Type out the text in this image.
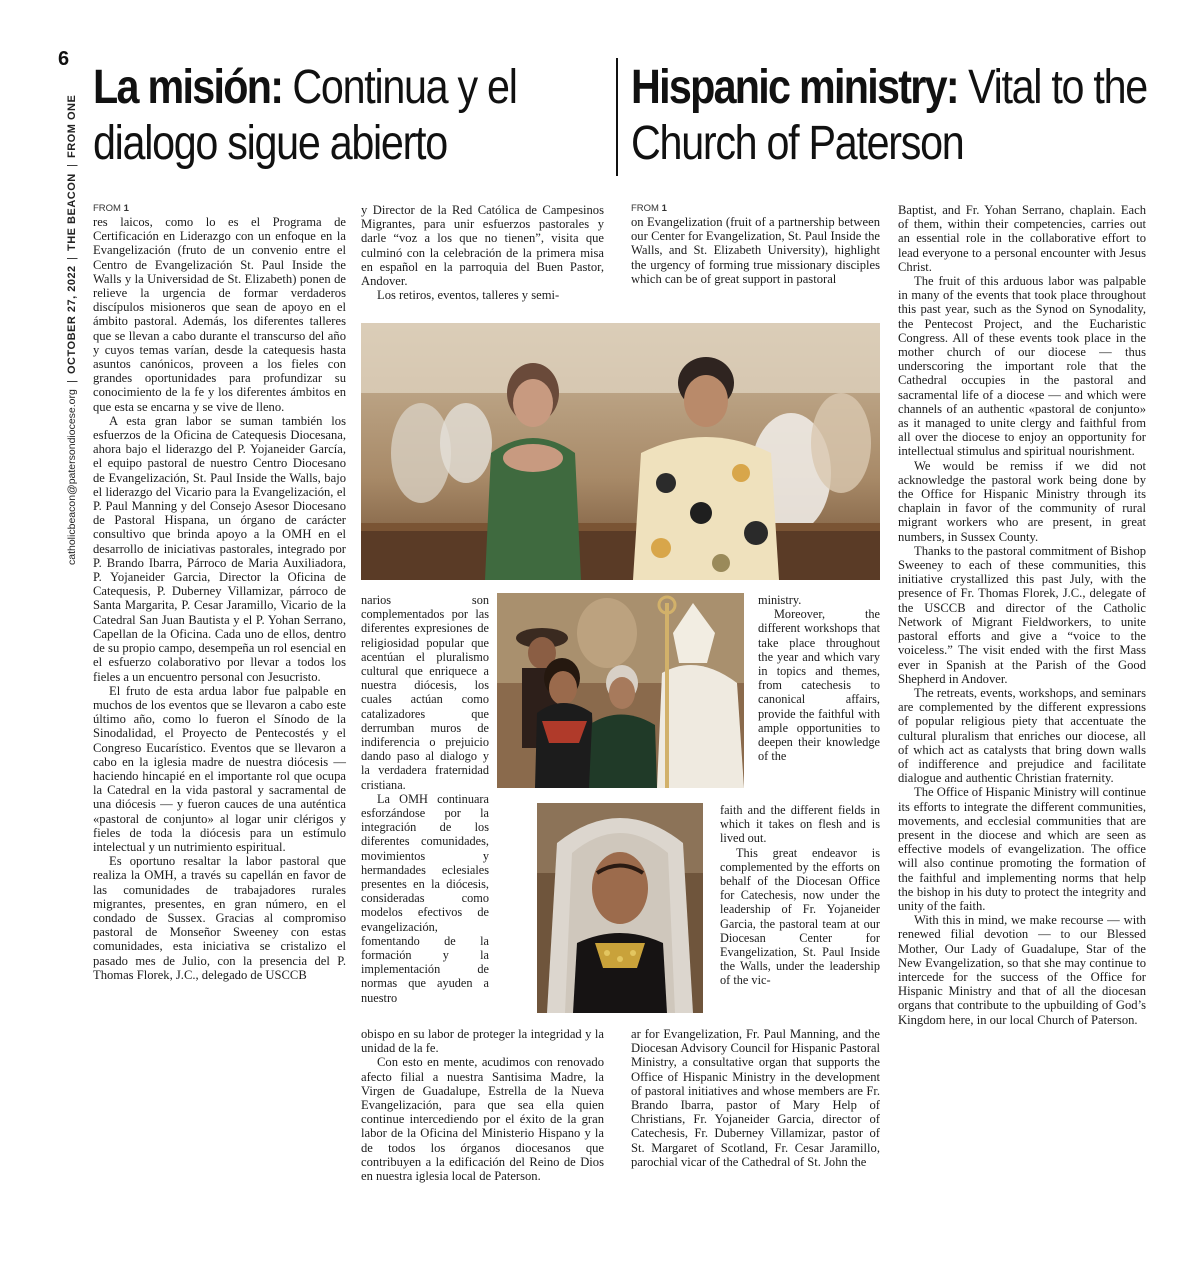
6
catholicbeacon@patersondiocese.org
|
OCTOBER 27, 2022
|
THE BEACON
|
FROM ONE
La misión: Continua y el dialogo sigue abierto
Hispanic ministry: Vital to the Church of Paterson
FROM 1	FROM 1

res laicos, como lo es el Programa de Certificación en Liderazgo con un enfoque en la Evangelización (fruto de un convenio entre el Centro de Evangelización St. Paul Inside the Walls y la Universidad de St. Elizabeth) ponen de relieve la urgencia de formar verdaderos discípulos misioneros que sean de apoyo en el ámbito pastoral. Además, los diferentes talleres que se llevan a cabo durante el transcurso del año y cuyos temas varían, desde la catequesis hasta asuntos canónicos, proveen a los fieles con grandes oportunidades para profundizar su conocimiento de la fe y los diferentes ámbitos en que esta se encarna y se vive de lleno.

A esta gran labor se suman también los esfuerzos de la Oficina de Catequesis Diocesana, ahora bajo el liderazgo del P. Yojaneider García, el equipo pastoral de nuestro Centro Diocesano de Evangelización, St. Paul Inside the Walls, bajo el liderazgo del Vicario para la Evangelización, el P. Paul Manning y del Consejo Asesor Diocesano de Pastoral Hispana, un órgano de carácter consultivo que brinda apoyo a la OMH en el desarrollo de iniciativas pastorales, integrado por P. Brando Ibarra, Párroco de Maria Auxiliadora, P. Yojaneider Garcia, Director la Oficina de Catequesis, P. Duberney Villamizar, párroco de Santa Margarita, P. Cesar Jaramillo, Vicario de la Catedral San Juan Bautista y el P. Yohan Serrano, Capellan de la Oficina. Cada uno de ellos, dentro de su propio campo, desempeña un rol esencial en el esfuerzo colaborativo por llevar a todos los fieles a un encuentro personal con Jesucristo.

El fruto de esta ardua labor fue palpable en muchos de los eventos que se llevaron a cabo este último año, como lo fueron el Sínodo de la Sinodalidad, el Proyecto de Pentecostés y el Congreso Eucarístico. Eventos que se llevaron a cabo en la iglesia madre de nuestra diócesis — haciendo hincapié en el importante rol que ocupa la Catedral en la vida pastoral y sacramental de una diócesis — y fueron cauces de una auténtica «pastoral de conjunto» al logar unir clérigos y fieles de toda la diócesis para un estímulo intelectual y un nutrimiento espiritual.

Es oportuno resaltar la labor pastoral que realiza la OMH, a través su capellán en favor de las comunidades de trabajadores rurales migrantes, presentes, en gran número, en el condado de Sussex. Gracias al compromiso pastoral de Monseñor Sweeney con estas comunidades, esta iniciativa se cristalizo el pasado mes de Julio, con la presencia del P. Thomas Florek, J.C., delegado de USCCB

y Director de la Red Católica de Campesinos Migrantes, para unir esfuerzos pastorales y darle “voz a los que no tienen”, visita que culminó con la celebración de la primera misa en español en la parroquia del Buen Pastor, Andover.

Los retiros, eventos, talleres y semi-

narios son complementados por las diferentes expresiones de religiosidad popular que acentúan el pluralismo cultural que enriquece a nuestra diócesis, los cuales actúan como catalizadores que derrumban muros de indiferencia o prejuicio dando paso al dialogo y la verdadera fraternidad cristiana.

La OMH continuara esforzándose por la integración de los diferentes comunidades, movimientos y hermandades eclesiales presentes en la diócesis, consideradas como modelos efectivos de evangelización, fomentando de la formación y la implementación de normas que ayuden a nuestro

obispo en su labor de proteger la integridad y la unidad de la fe.

Con esto en mente, acudimos con renovado afecto filial a nuestra Santisima Madre, la Virgen de Guadalupe, Estrella de la Nueva Evangelización, para que sea ella quien continue intercediendo por el éxito de la gran labor de la Oficina del Ministerio Hispano y la de todos los órganos diocesanos que contribuyen a la edificación del Reino de Dios en nuestra iglesia local de Paterson.

on Evangelization (fruit of a partnership between our Center for Evangelization, St. Paul Inside the Walls, and St. Elizabeth University), highlight the urgency of forming true missionary disciples which can be of great support in pastoral

ministry.

Moreover, the different workshops that take place throughout the year and which vary in topics and themes, from catechesis to canonical affairs, provide the faithful with ample opportunities to deepen their knowledge of the

faith and the different fields in which it takes on flesh and is lived out.

This great endeavor is complemented by the efforts on behalf of the Diocesan Office for Catechesis, now under the leadership of Fr. Yojaneider Garcia, the pastoral team at our Diocesan Center for Evangelization, St. Paul Inside the Walls, under the leadership of the vic-

ar for Evangelization, Fr. Paul Manning, and the Diocesan Advisory Council for Hispanic Pastoral Ministry, a consultative organ that supports the Office of Hispanic Ministry in the development of pastoral initiatives and whose members are Fr. Brando Ibarra, pastor of Mary Help of Christians, Fr. Yojaneider Garcia, director of Catechesis, Fr. Duberney Villamizar, pastor of St. Margaret of Scotland, Fr. Cesar Jaramillo, parochial vicar of the Cathedral of St. John the

Baptist, and Fr. Yohan Serrano, chaplain. Each of them, within their competencies, carries out an essential role in the collaborative effort to lead everyone to a personal encounter with Jesus Christ.

The fruit of this arduous labor was palpable in many of the events that took place throughout this past year, such as the Synod on Synodality, the Pentecost Project, and the Eucharistic Congress. All of these events took place in the mother church of our diocese — thus underscoring the important role that the Cathedral occupies in the pastoral and sacramental life of a diocese — and which were channels of an authentic «pastoral de conjunto» as it managed to unite clergy and faithful from all over the diocese to enjoy an opportunity for intellectual stimulus and spiritual nourishment.

We would be remiss if we did not acknowledge the pastoral work being done by the Office for Hispanic Ministry through its chaplain in favor of the community of rural migrant workers who are present, in great numbers, in Sussex County.

Thanks to the pastoral commitment of Bishop Sweeney to each of these communities, this initiative crystallized this past July, with the presence of Fr. Thomas Florek, J.C., delegate of the USCCB and director of the Catholic Network of Migrant Fieldworkers, to unite pastoral efforts and give a “voice to the voiceless.” The visit ended with the first Mass ever in Spanish at the Parish of the Good Shepherd in Andover.

The retreats, events, workshops, and seminars are complemented by the different expressions of popular religious piety that accentuate the cultural pluralism that enriches our diocese, all of which act as catalysts that bring down walls of indifference and prejudice and facilitate dialogue and authentic Christian fraternity.

The Office of Hispanic Ministry will continue its efforts to integrate the different communities, movements, and ecclesial communities that are present in the diocese and which are seen as effective models of evangelization. The office will also continue promoting the formation of the faithful and implementing norms that help the bishop in his duty to protect the integrity and unity of the faith.

With this in mind, we make recourse — with renewed filial devotion — to our Blessed Mother, Our Lady of Guadalupe, Star of the New Evangelization, so that she may continue to intercede for the success of the Office for Hispanic Ministry and that of all the diocesan organs that contribute to the upbuilding of God’s Kingdom here, in our local Church of Paterson.
